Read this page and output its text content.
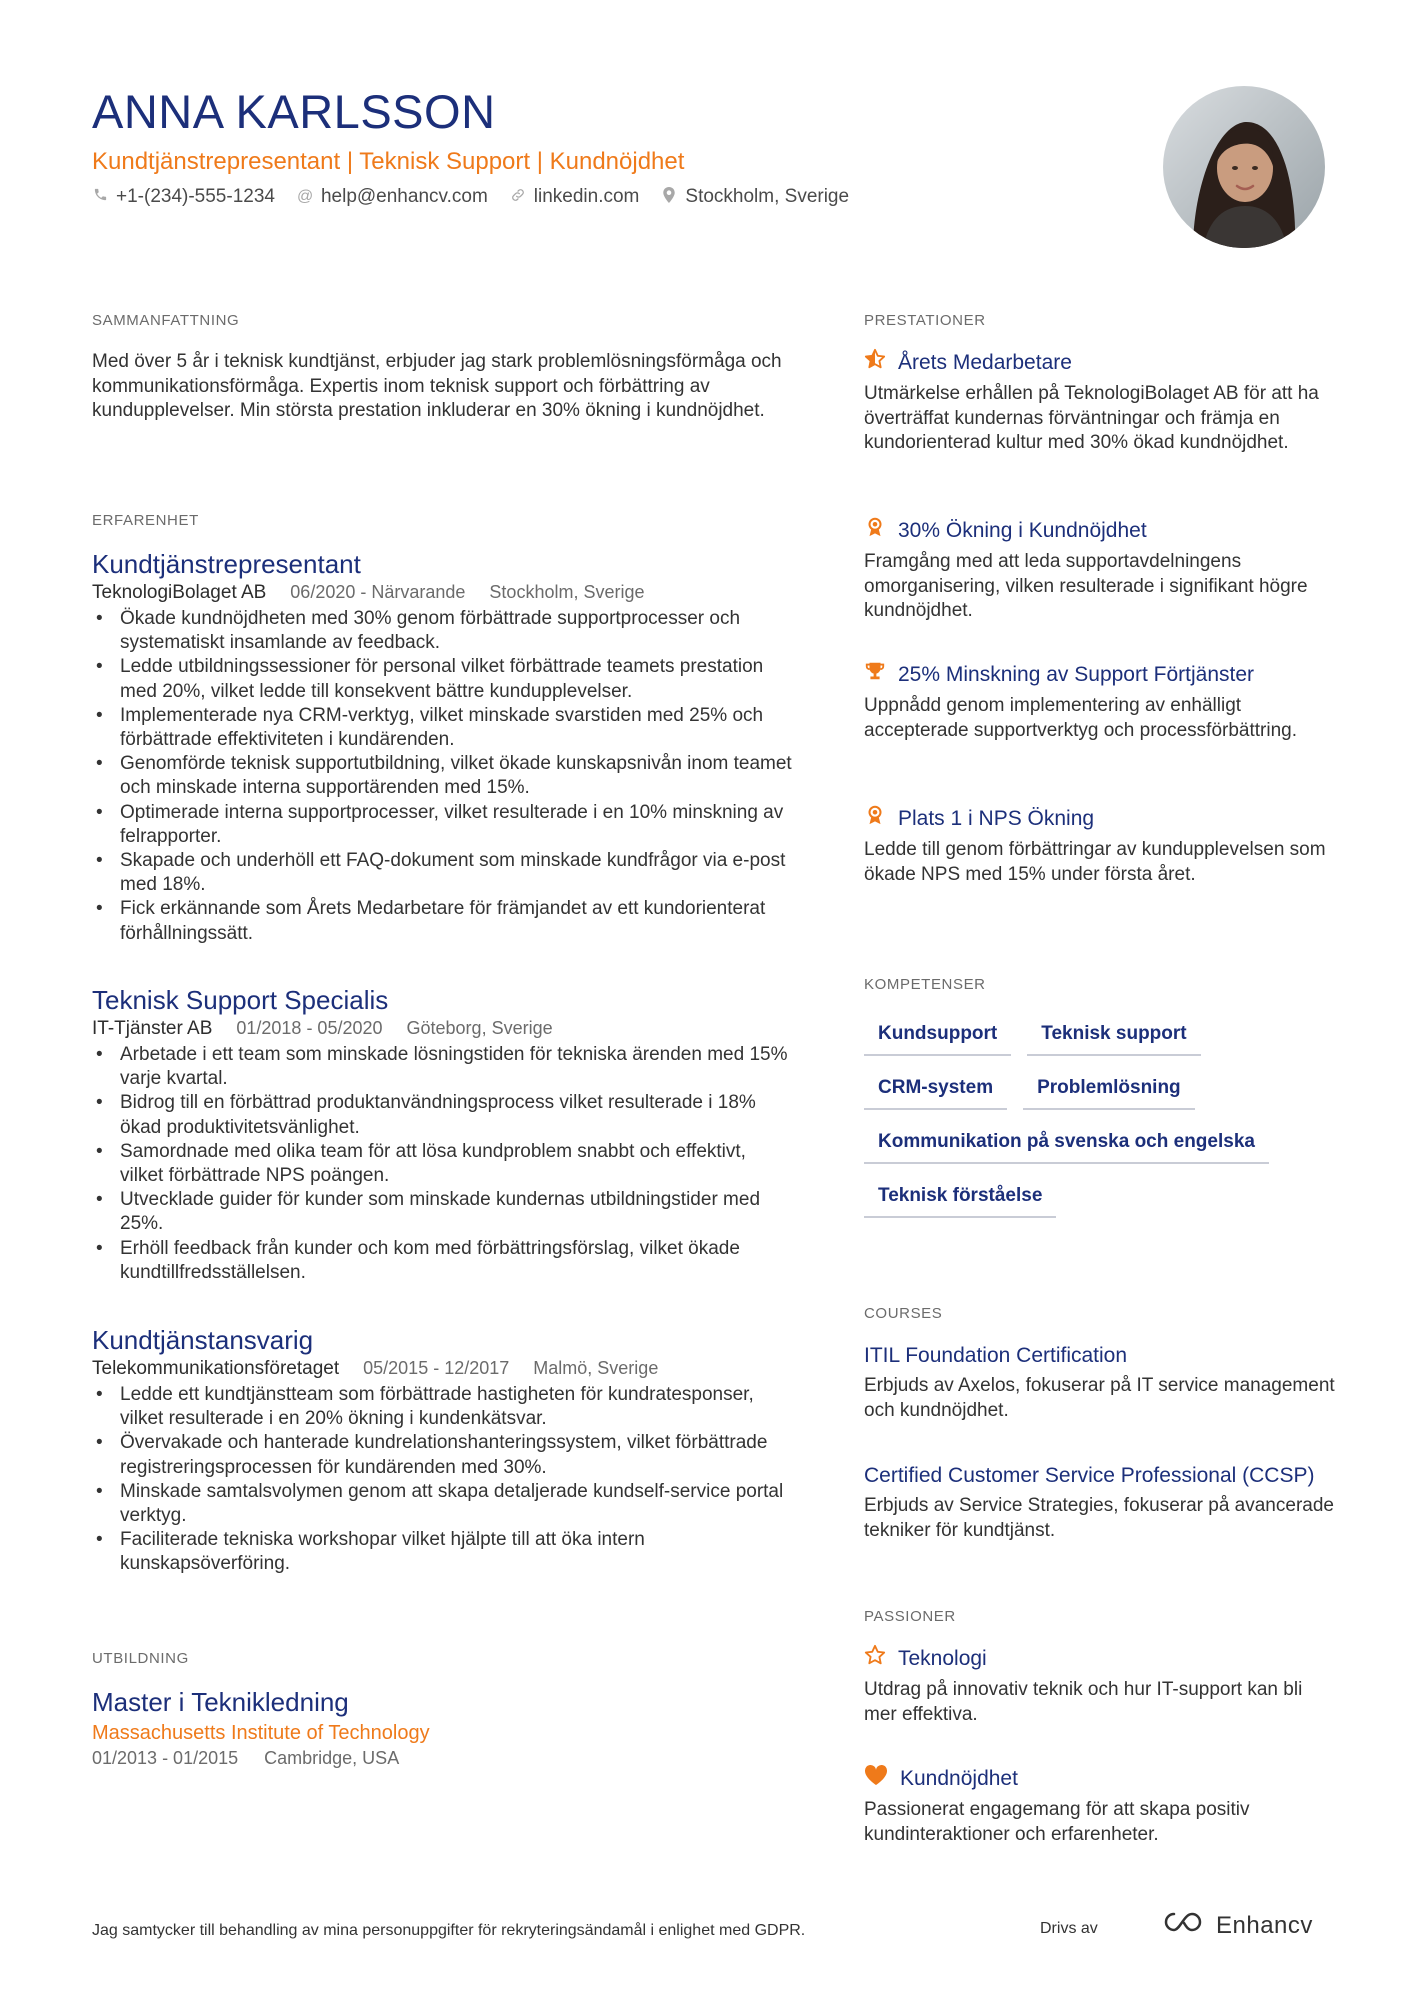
ANNA KARLSSON
Kundtjänstrepresentant | Teknisk Support | Kundnöjdhet
+1-(234)-555-1234 @ help@enhancv.com linkedin.com Stockholm, Sverige
SAMMANFATTNING
Med över 5 år i teknisk kundtjänst, erbjuder jag stark problemlösningsförmåga och kommunikationsförmåga. Expertis inom teknisk support och förbättring av kundupplevelser. Min största prestation inkluderar en 30% ökning i kundnöjdhet.
ERFARENHET
Kundtjänstrepresentant
TeknologiBolaget AB 06/2020 - Närvarande Stockholm, Sverige
• Ökade kundnöjdheten med 30% genom förbättrade supportprocesser och systematiskt insamlande av feedback.
• Ledde utbildningssessioner för personal vilket förbättrade teamets prestation med 20%, vilket ledde till konsekvent bättre kundupplevelser.
• Implementerade nya CRM-verktyg, vilket minskade svarstiden med 25% och förbättrade effektiviteten i kundärenden.
• Genomförde teknisk supportutbildning, vilket ökade kunskapsnivån inom teamet och minskade interna supportärenden med 15%.
• Optimerade interna supportprocesser, vilket resulterade i en 10% minskning av felrapporter.
• Skapade och underhöll ett FAQ-dokument som minskade kundfrågor via e-post med 18%.
• Fick erkännande som Årets Medarbetare för främjandet av ett kundorienterat förhållningssätt.
Teknisk Support Specialis
IT-Tjänster AB 01/2018 - 05/2020 Göteborg, Sverige
• Arbetade i ett team som minskade lösningstiden för tekniska ärenden med 15% varje kvartal.
• Bidrog till en förbättrad produktanvändningsprocess vilket resulterade i 18% ökad produktivitetsvänlighet.
• Samordnade med olika team för att lösa kundproblem snabbt och effektivt, vilket förbättrade NPS poängen.
• Utvecklade guider för kunder som minskade kundernas utbildningstider med 25%.
• Erhöll feedback från kunder och kom med förbättringsförslag, vilket ökade kundtillfredsställelsen.
Kundtjänstansvarig
Telekommunikationsföretaget 05/2015 - 12/2017 Malmö, Sverige
• Ledde ett kundtjänstteam som förbättrade hastigheten för kundratesponser, vilket resulterade i en 20% ökning i kundenkätsvar.
• Övervakade och hanterade kundrelationshanteringssystem, vilket förbättrade registreringsprocessen för kundärenden med 30%.
• Minskade samtalsvolymen genom att skapa detaljerade kundself-service portal verktyg.
• Faciliterade tekniska workshopar vilket hjälpte till att öka intern kunskapsöverföring.
UTBILDNING
Master i Teknikledning
Massachusetts Institute of Technology
01/2013 - 01/2015 Cambridge, USA
PRESTATIONER
Årets Medarbetare
Utmärkelse erhållen på TeknologiBolaget AB för att ha överträffat kundernas förväntningar och främja en kundorienterad kultur med 30% ökad kundnöjdhet.
30% Ökning i Kundnöjdhet
Framgång med att leda supportavdelningens omorganisering, vilken resulterade i signifikant högre kundnöjdhet.
25% Minskning av Support Förtjänster
Uppnådd genom implementering av enhälligt accepterade supportverktyg och processförbättring.
Plats 1 i NPS Ökning
Ledde till genom förbättringar av kundupplevelsen som ökade NPS med 15% under första året.
KOMPETENSER
Kundsupport	Teknisk support
CRM-system	Problemlösning
Kommunikation på svenska och engelska
Teknisk förståelse
COURSES
ITIL Foundation Certification
Erbjuds av Axelos, fokuserar på IT service management och kundnöjdhet.
Certified Customer Service Professional (CCSP)
Erbjuds av Service Strategies, fokuserar på avancerade tekniker för kundtjänst.
PASSIONER
Teknologi
Utdrag på innovativ teknik och hur IT-support kan bli mer effektiva.
Kundnöjdhet
Passionerat engagemang för att skapa positiv kundinteraktioner och erfarenheter.
Jag samtycker till behandling av mina personuppgifter för rekryteringsändamål i enlighet med GDPR.	Drivs av	Enhancv
